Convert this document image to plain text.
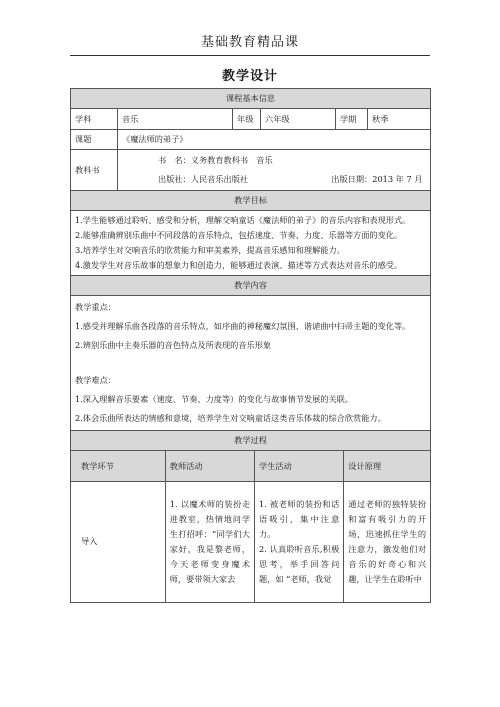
基础教育精品课
教学设计
课程基本信息
学科	音乐	年级	六年级	学期	秋季
课题	《魔法师的弟子》
教科书	
书　名：义务教育教科书　音乐
出版社：人民音乐出版社	出版日期：2013 年 7 月

教学目标

1.学生能够通过聆听、感受和分析，理解交响童话《魔法师的弟子》的音乐内容和表现形式。
2.能够准确辨别乐曲中不同段落的音乐特点，包括速度、节奏、力度、乐器等方面的变化。
3.培养学生对交响音乐的欣赏能力和审美素养，提高音乐感知和理解能力。
4.激发学生对音乐故事的想象力和创造力，能够通过表演、描述等方式表达对音乐的感受。

教学内容

教学重点：
1.感受并理解乐曲各段落的音乐特点，如序曲的神秘魔幻氛围、谐谑曲中扫帚主题的变化等。
2.辨别乐曲中主奏乐器的音色特点及所表现的音乐形象
教学难点：
1.深入理解音乐要素（速度、节奏、力度等）的变化与故事情节发展的关联。
2.体会乐曲所表达的情感和意境，培养学生对交响童话这类音乐体裁的综合欣赏能力。

教学过程

教学环节	教师活动	学生活动	设计原理
导入	1. 以魔术师的装扮走进教室，热情地问学生打招呼：“同学们大家好，我是黎老师，今天老师变身魔术师，要带领大家去	1. 被老师的装扮和话语吸引，集中注意力。
2. 认真聆听音乐,积极思考，举手回答问题，如 “老师，我觉	通过老师的独特装扮和富有吸引力的开场，迅速抓住学生的注意力，激发他们对音乐的好奇心和兴趣，让学生在聆听中
